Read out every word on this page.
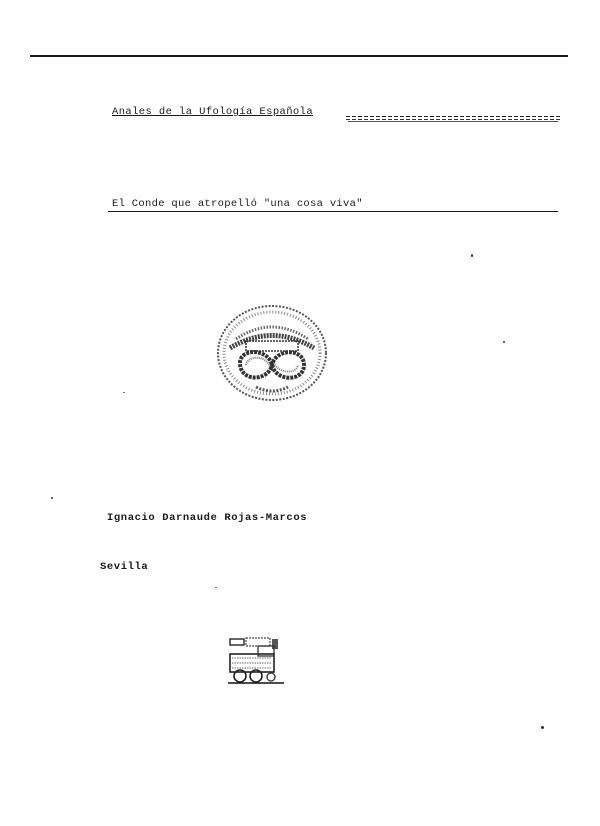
Anales de la Ufología Española
El Conde que atropelló "una cosa viva"
Ignacio Darnaude Rojas-Marcos
Sevilla
